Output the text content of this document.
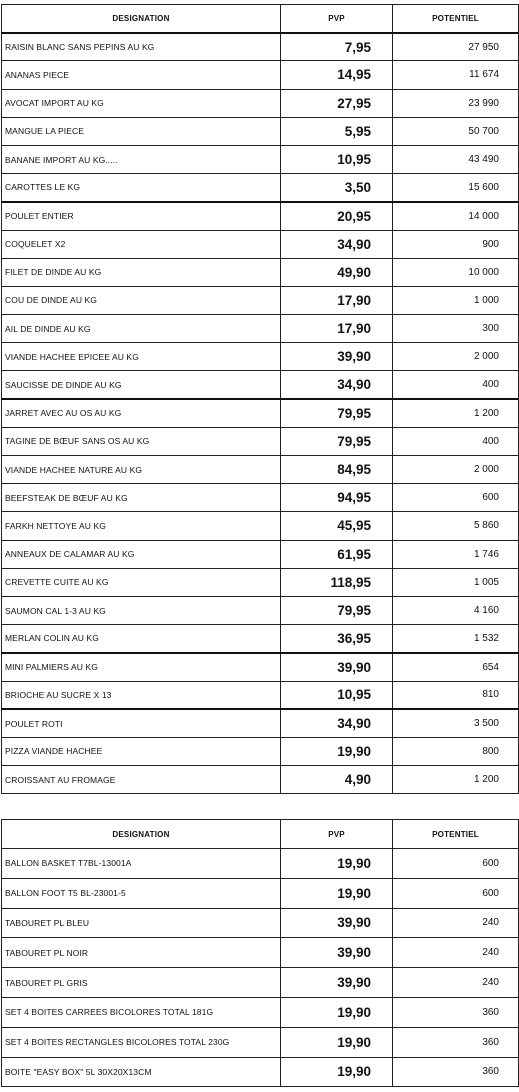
DESIGNATION	PVP	POTENTIEL
RAISIN BLANC SANS PEPINS AU KG	7,95	27 950
ANANAS PIECE	14,95	11 674
AVOCAT IMPORT AU KG	27,95	23 990
MANGUE LA PIECE	5,95	50 700
BANANE IMPORT AU KG.....	10,95	43 490
CAROTTES LE KG	3,50	15 600
POULET ENTIER	20,95	14 000
COQUELET X2	34,90	900
FILET DE DINDE AU KG	49,90	10 000
COU DE DINDE AU KG	17,90	1 000
AIL DE DINDE AU KG	17,90	300
VIANDE HACHEE EPICEE AU KG	39,90	2 000
SAUCISSE DE DINDE AU KG	34,90	400
JARRET AVEC AU OS AU KG	79,95	1 200
TAGINE DE BŒUF SANS OS AU KG	79,95	400
VIANDE HACHEE NATURE AU KG	84,95	2 000
BEEFSTEAK DE BŒUF AU KG	94,95	600
FARKH NETTOYE AU KG	45,95	5 860
ANNEAUX DE CALAMAR AU KG	61,95	1 746
CREVETTE CUITE AU KG	118,95	1 005
SAUMON CAL 1-3 AU KG	79,95	4 160
MERLAN COLIN AU KG	36,95	1 532
MINI PALMIERS AU KG	39,90	654
BRIOCHE AU SUCRE X 13	10,95	810
POULET ROTI	34,90	3 500
PIZZA VIANDE HACHEE	19,90	800
CROISSANT AU FROMAGE	4,90	1 200
DESIGNATION	PVP	POTENTIEL
BALLON BASKET T7BL-13001A	19,90	600
BALLON FOOT T5 BL-23001-5	19,90	600
TABOURET PL BLEU	39,90	240
TABOURET PL NOIR	39,90	240
TABOURET PL GRIS	39,90	240
SET 4 BOITES CARREES BICOLORES TOTAL 181G	19,90	360
SET 4 BOITES RECTANGLES BICOLORES TOTAL 230G	19,90	360
BOITE "EASY BOX" 5L 30X20X13CM	19,90	360
